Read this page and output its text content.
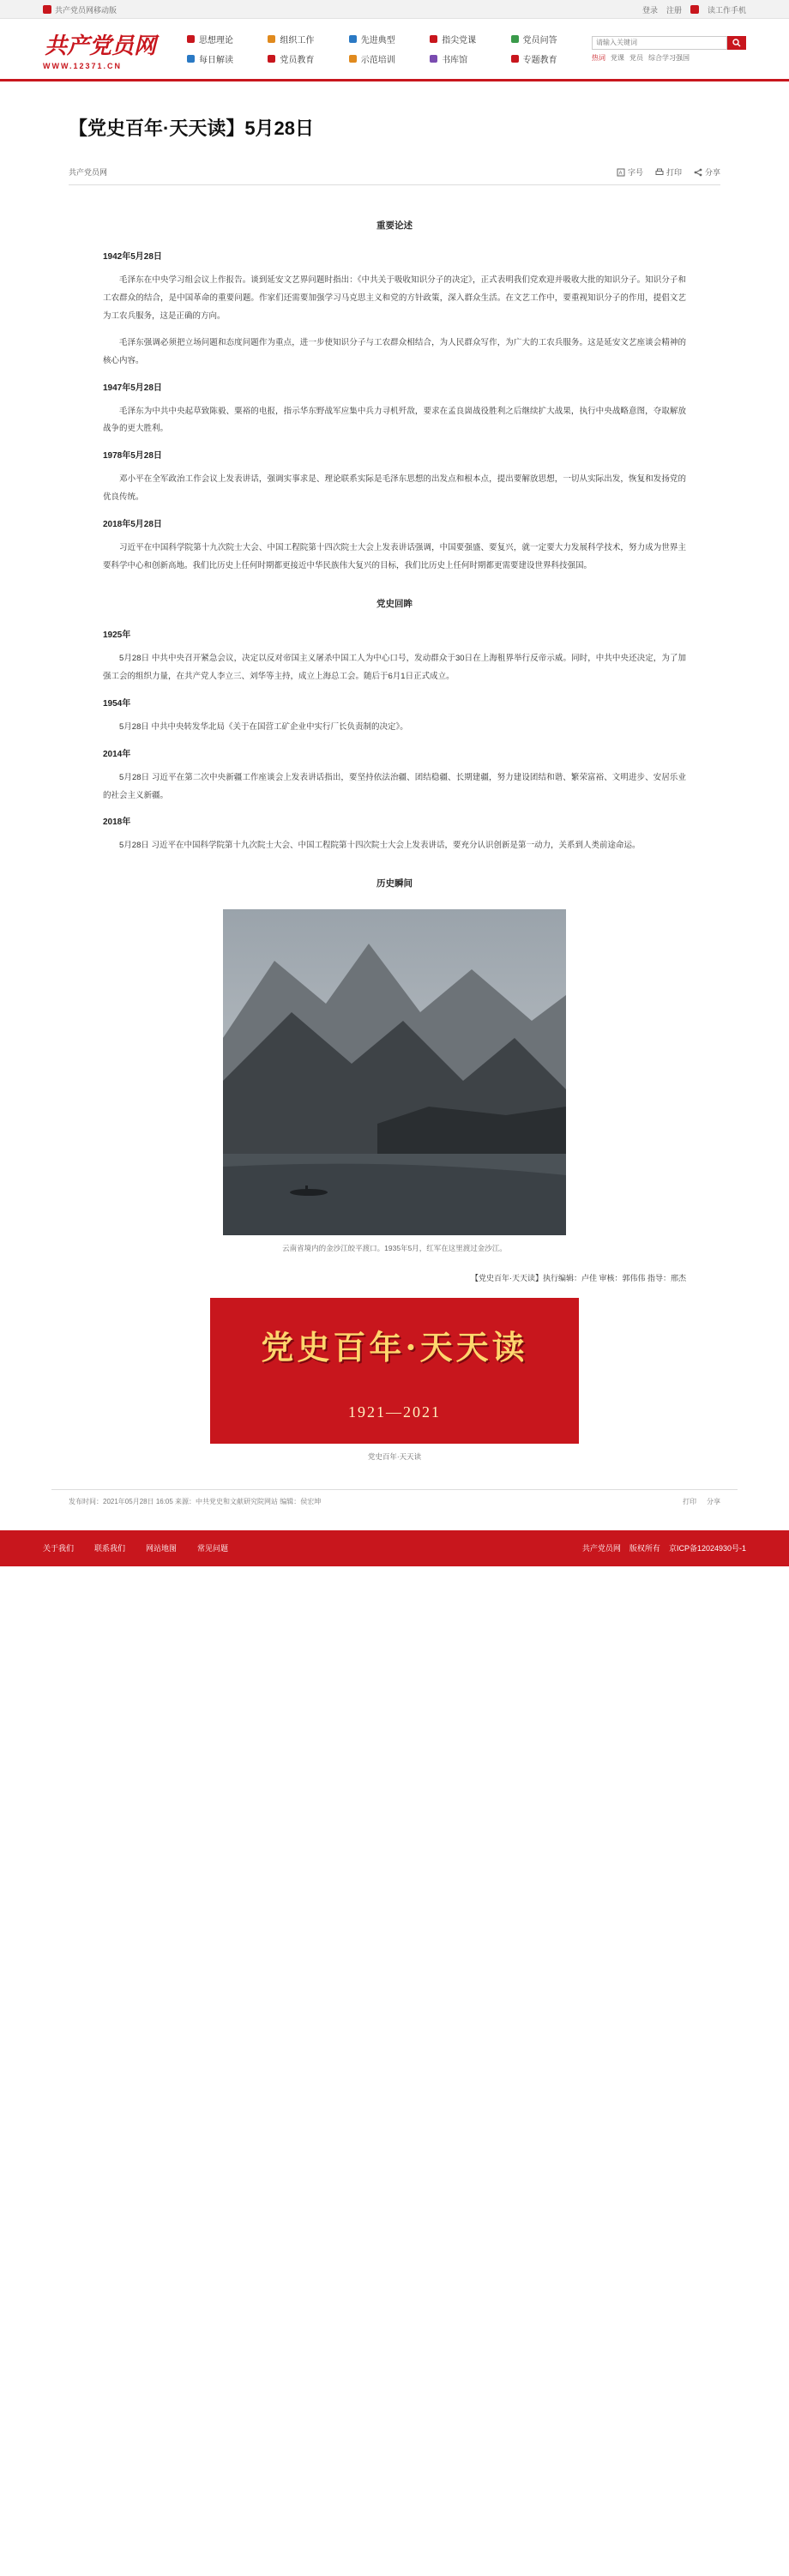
共产党员网移动版	登录 注册	读工作手机
共产党员网
WWW.12371.CN
思想理论	组织工作	先进典型	指尖党课	党员问答
每日解读	党员教育	示范培训	书库馆	专题教育
请输入关键词	热词 党课 党员 综合学习强国
【党史百年·天天读】5月28日
共产党员网	A 字号	打印	分享
重要论述
1942年5月28日

毛泽东在中央学习组会议上作报告。谈到延安文艺界问题时指出：《中共关于吸收知识分子的决定》，正式表明我们党欢迎并吸收大批的知识分子。知识分子和工农群众的结合，是中国革命的重要问题。作家们还需要加强学习马克思主义和党的方针政策，深入群众生活。在文艺工作中，要重视知识分子的作用，提倡文艺为工农兵服务，这是正确的方向。

毛泽东强调必须把立场问题和态度问题作为重点，进一步使知识分子与工农群众相结合，为人民群众写作，为广大的工农兵服务。这是延安文艺座谈会精神的核心内容。

1947年5月28日

毛泽东为中共中央起草致陈毅、粟裕的电报，指示华东野战军应集中兵力寻机歼敌，要求在孟良崮战役胜利之后继续扩大战果，执行中央战略意图，夺取解放战争的更大胜利。

1978年5月28日

邓小平在全军政治工作会议上发表讲话，强调实事求是、理论联系实际是毛泽东思想的出发点和根本点，提出要解放思想，一切从实际出发，恢复和发扬党的优良传统。

2018年5月28日

习近平在中国科学院第十九次院士大会、中国工程院第十四次院士大会上发表讲话强调，中国要强盛、要复兴，就一定要大力发展科学技术，努力成为世界主要科学中心和创新高地。我们比历史上任何时期都更接近中华民族伟大复兴的目标，我们比历史上任何时期都更需要建设世界科技强国。

党史回眸
1925年

5月28日 中共中央召开紧急会议，决定以反对帝国主义屠杀中国工人为中心口号，发动群众于30日在上海租界举行反帝示威。同时，中共中央还决定，为了加强工会的组织力量，在共产党人李立三、刘华等主持，成立上海总工会。随后于6月1日正式成立。

1954年

5月28日 中共中央转发华北局《关于在国营工矿企业中实行厂长负责制的决定》。

2014年

5月28日 习近平在第二次中央新疆工作座谈会上发表讲话指出，要坚持依法治疆、团结稳疆、长期建疆，努力建设团结和谐、繁荣富裕、文明进步、安居乐业的社会主义新疆。

2018年

5月28日 习近平在中国科学院第十九次院士大会、中国工程院第十四次院士大会上发表讲话，要充分认识创新是第一动力，关系到人类前途命运。

历史瞬间
云南省境内的金沙江皎平渡口。1935年5月，红军在这里渡过金沙江。
【党史百年·天天读】执行编辑：卢佳 审核：郭伟伟 指导：邢杰
党史百年·天天读
1921—2021
党史百年·天天读
发布时间：2021年05月28日 16:05 来源：中共党史和文献研究院网站 编辑：侯宏坤	打印 分享
关于我们	联系我们	网站地图	常见问题	共产党员网 版权所有 京ICP备12024930号-1
